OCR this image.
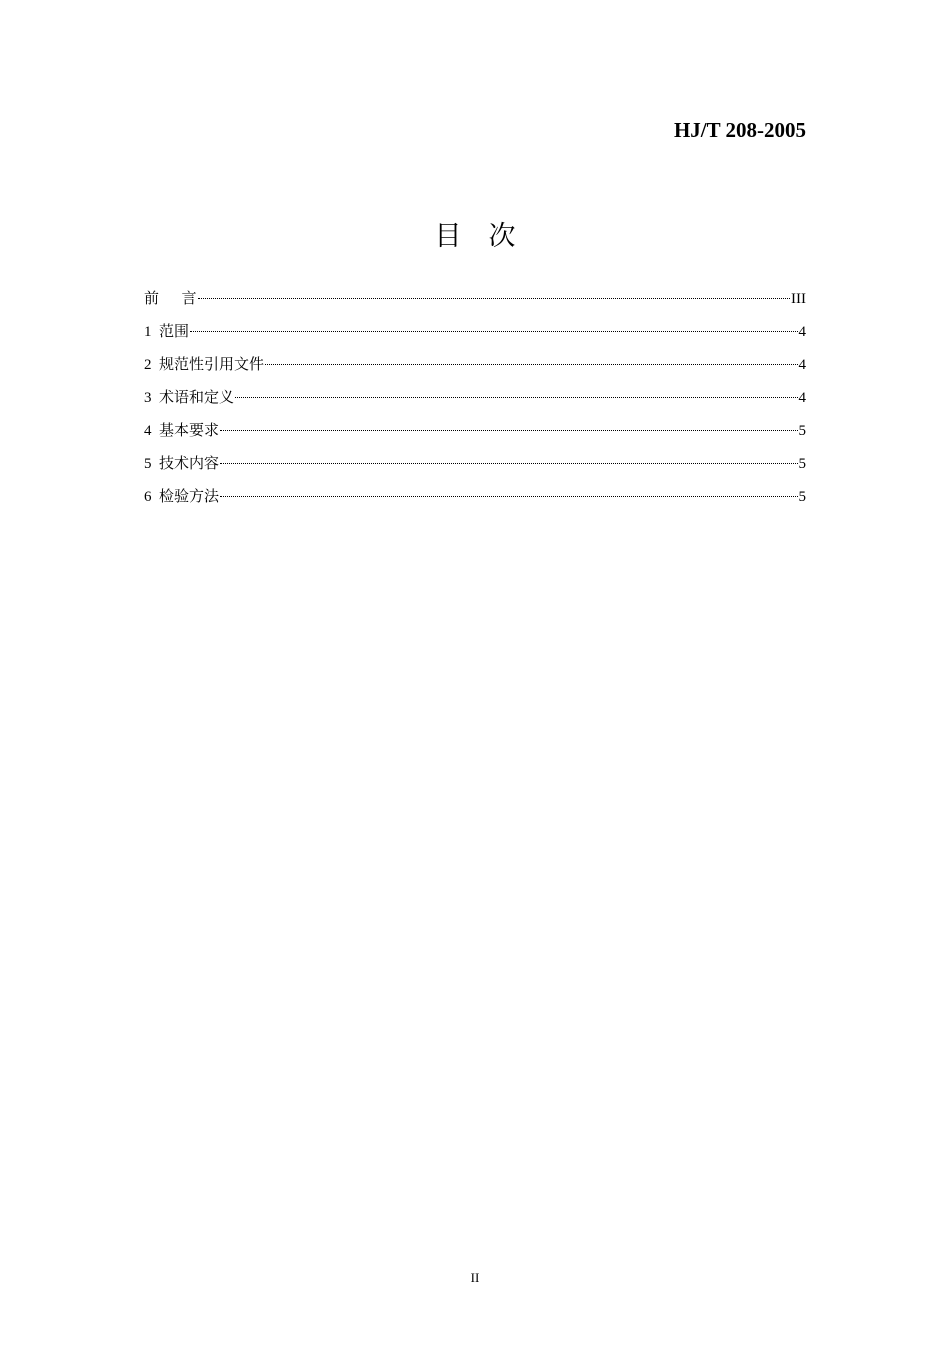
HJ/T 208-2005
目    次
前      言	III
1  范围	4
2  规范性引用文件	4
3  术语和定义	4
4  基本要求	5
5  技术内容	5
6  检验方法	5
II
